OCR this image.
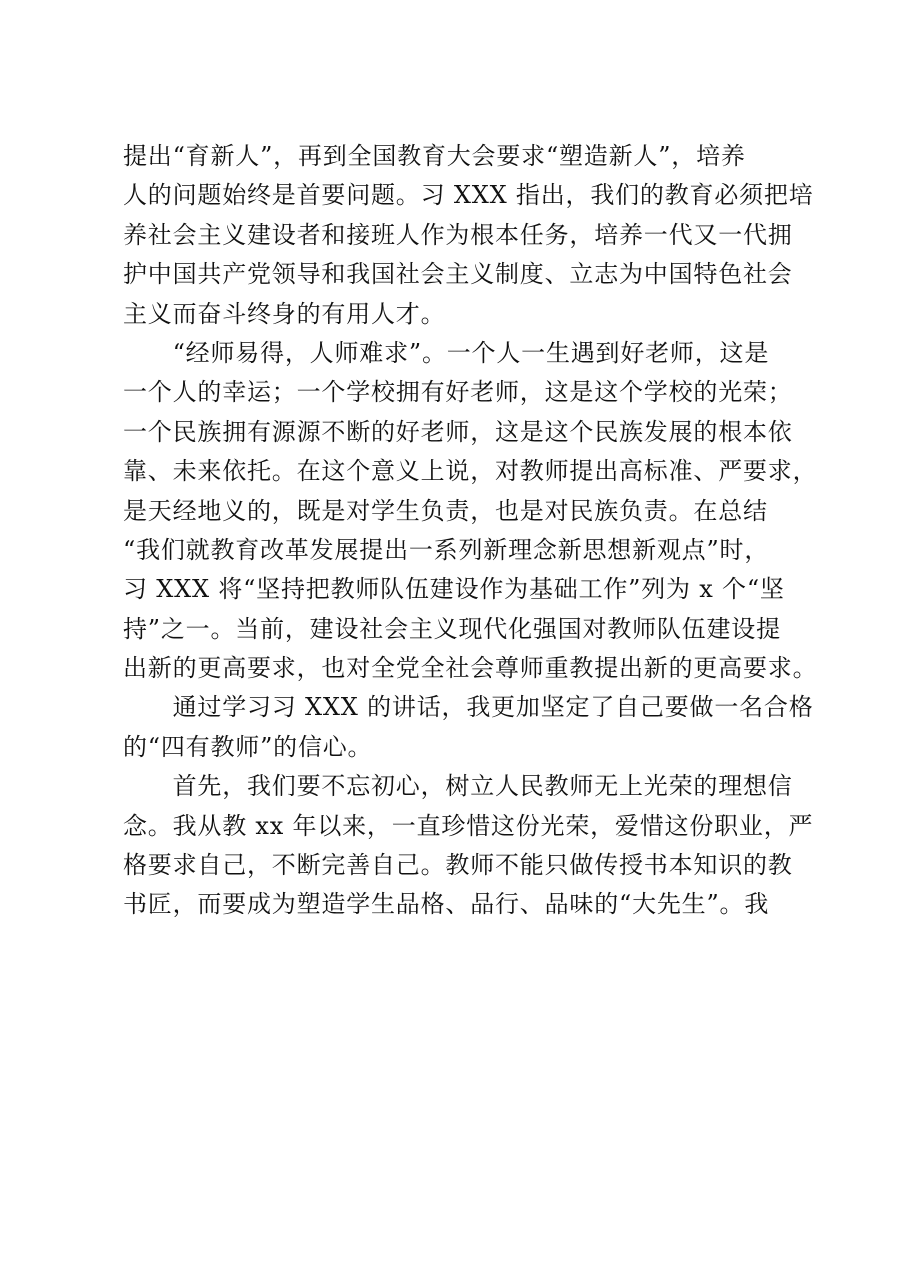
提出“育新人”，再到全国教育大会要求“塑造新人”，培养
人的问题始终是首要问题。习 XXX 指出，我们的教育必须把培
养社会主义建设者和接班人作为根本任务，培养一代又一代拥
护中国共产党领导和我国社会主义制度、立志为中国特色社会
主义而奋斗终身的有用人才。
　　“经师易得，人师难求”。一个人一生遇到好老师，这是
一个人的幸运；一个学校拥有好老师，这是这个学校的光荣；
一个民族拥有源源不断的好老师，这是这个民族发展的根本依
靠、未来依托。在这个意义上说，对教师提出高标准、严要求，
是天经地义的，既是对学生负责，也是对民族负责。在总结
“我们就教育改革发展提出一系列新理念新思想新观点”时，
习 XXX 将“坚持把教师队伍建设作为基础工作”列为 x 个“坚
持”之一。当前，建设社会主义现代化强国对教师队伍建设提
出新的更高要求，也对全党全社会尊师重教提出新的更高要求。
　　通过学习习 XXX 的讲话，我更加坚定了自己要做一名合格
的“四有教师”的信心。
　　首先，我们要不忘初心，树立人民教师无上光荣的理想信
念。我从教 xx 年以来，一直珍惜这份光荣，爱惜这份职业，严
格要求自己，不断完善自己。教师不能只做传授书本知识的教
书匠，而要成为塑造学生品格、品行、品味的“大先生”。我
